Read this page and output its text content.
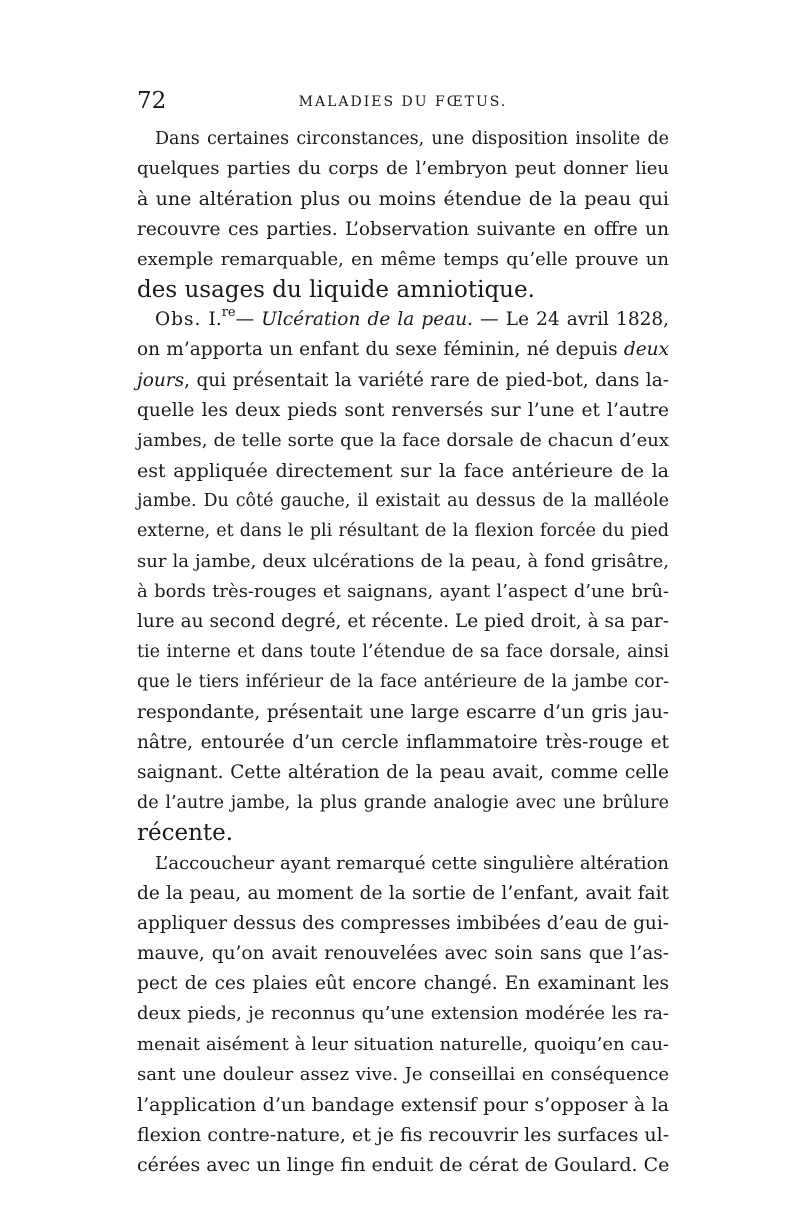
72	MALADIES DU FŒTUS.
Dans certaines circonstances, une disposition insolite de
quelques parties du corps de l’embryon peut donner lieu
à une altération plus ou moins étendue de la peau qui
recouvre ces parties. L’observation suivante en offre un
exemple remarquable, en même temps qu’elle prouve un
des usages du liquide amniotique.
Obs. I.$^{re}$— Ulcération de la peau. — Le 24 avril 1828,
on m’apporta un enfant du sexe féminin, né depuis deux
jours, qui présentait la variété rare de pied-bot, dans la-
quelle les deux pieds sont renversés sur l’une et l’autre
jambes, de telle sorte que la face dorsale de chacun d’eux
est appliquée directement sur la face antérieure de la
jambe. Du côté gauche, il existait au dessus de la malléole
externe, et dans le pli résultant de la flexion forcée du pied
sur la jambe, deux ulcérations de la peau, à fond grisâtre,
à bords très-rouges et saignans, ayant l’aspect d’une brû-
lure au second degré, et récente. Le pied droit, à sa par-
tie interne et dans toute l’étendue de sa face dorsale, ainsi
que le tiers inférieur de la face antérieure de la jambe cor-
respondante, présentait une large escarre d’un gris jau-
nâtre, entourée d’un cercle inflammatoire très-rouge et
saignant. Cette altération de la peau avait, comme celle
de l’autre jambe, la plus grande analogie avec une brûlure
récente.
L’accoucheur ayant remarqué cette singulière altération
de la peau, au moment de la sortie de l’enfant, avait fait
appliquer dessus des compresses imbibées d’eau de gui-
mauve, qu’on avait renouvelées avec soin sans que l’as-
pect de ces plaies eût encore changé. En examinant les
deux pieds, je reconnus qu’une extension modérée les ra-
menait aisément à leur situation naturelle, quoiqu’en cau-
sant une douleur assez vive. Je conseillai en conséquence
l’application d’un bandage extensif pour s’opposer à la
flexion contre-nature, et je fis recouvrir les surfaces ul-
cérées avec un linge fin enduit de cérat de Goulard. Ce
